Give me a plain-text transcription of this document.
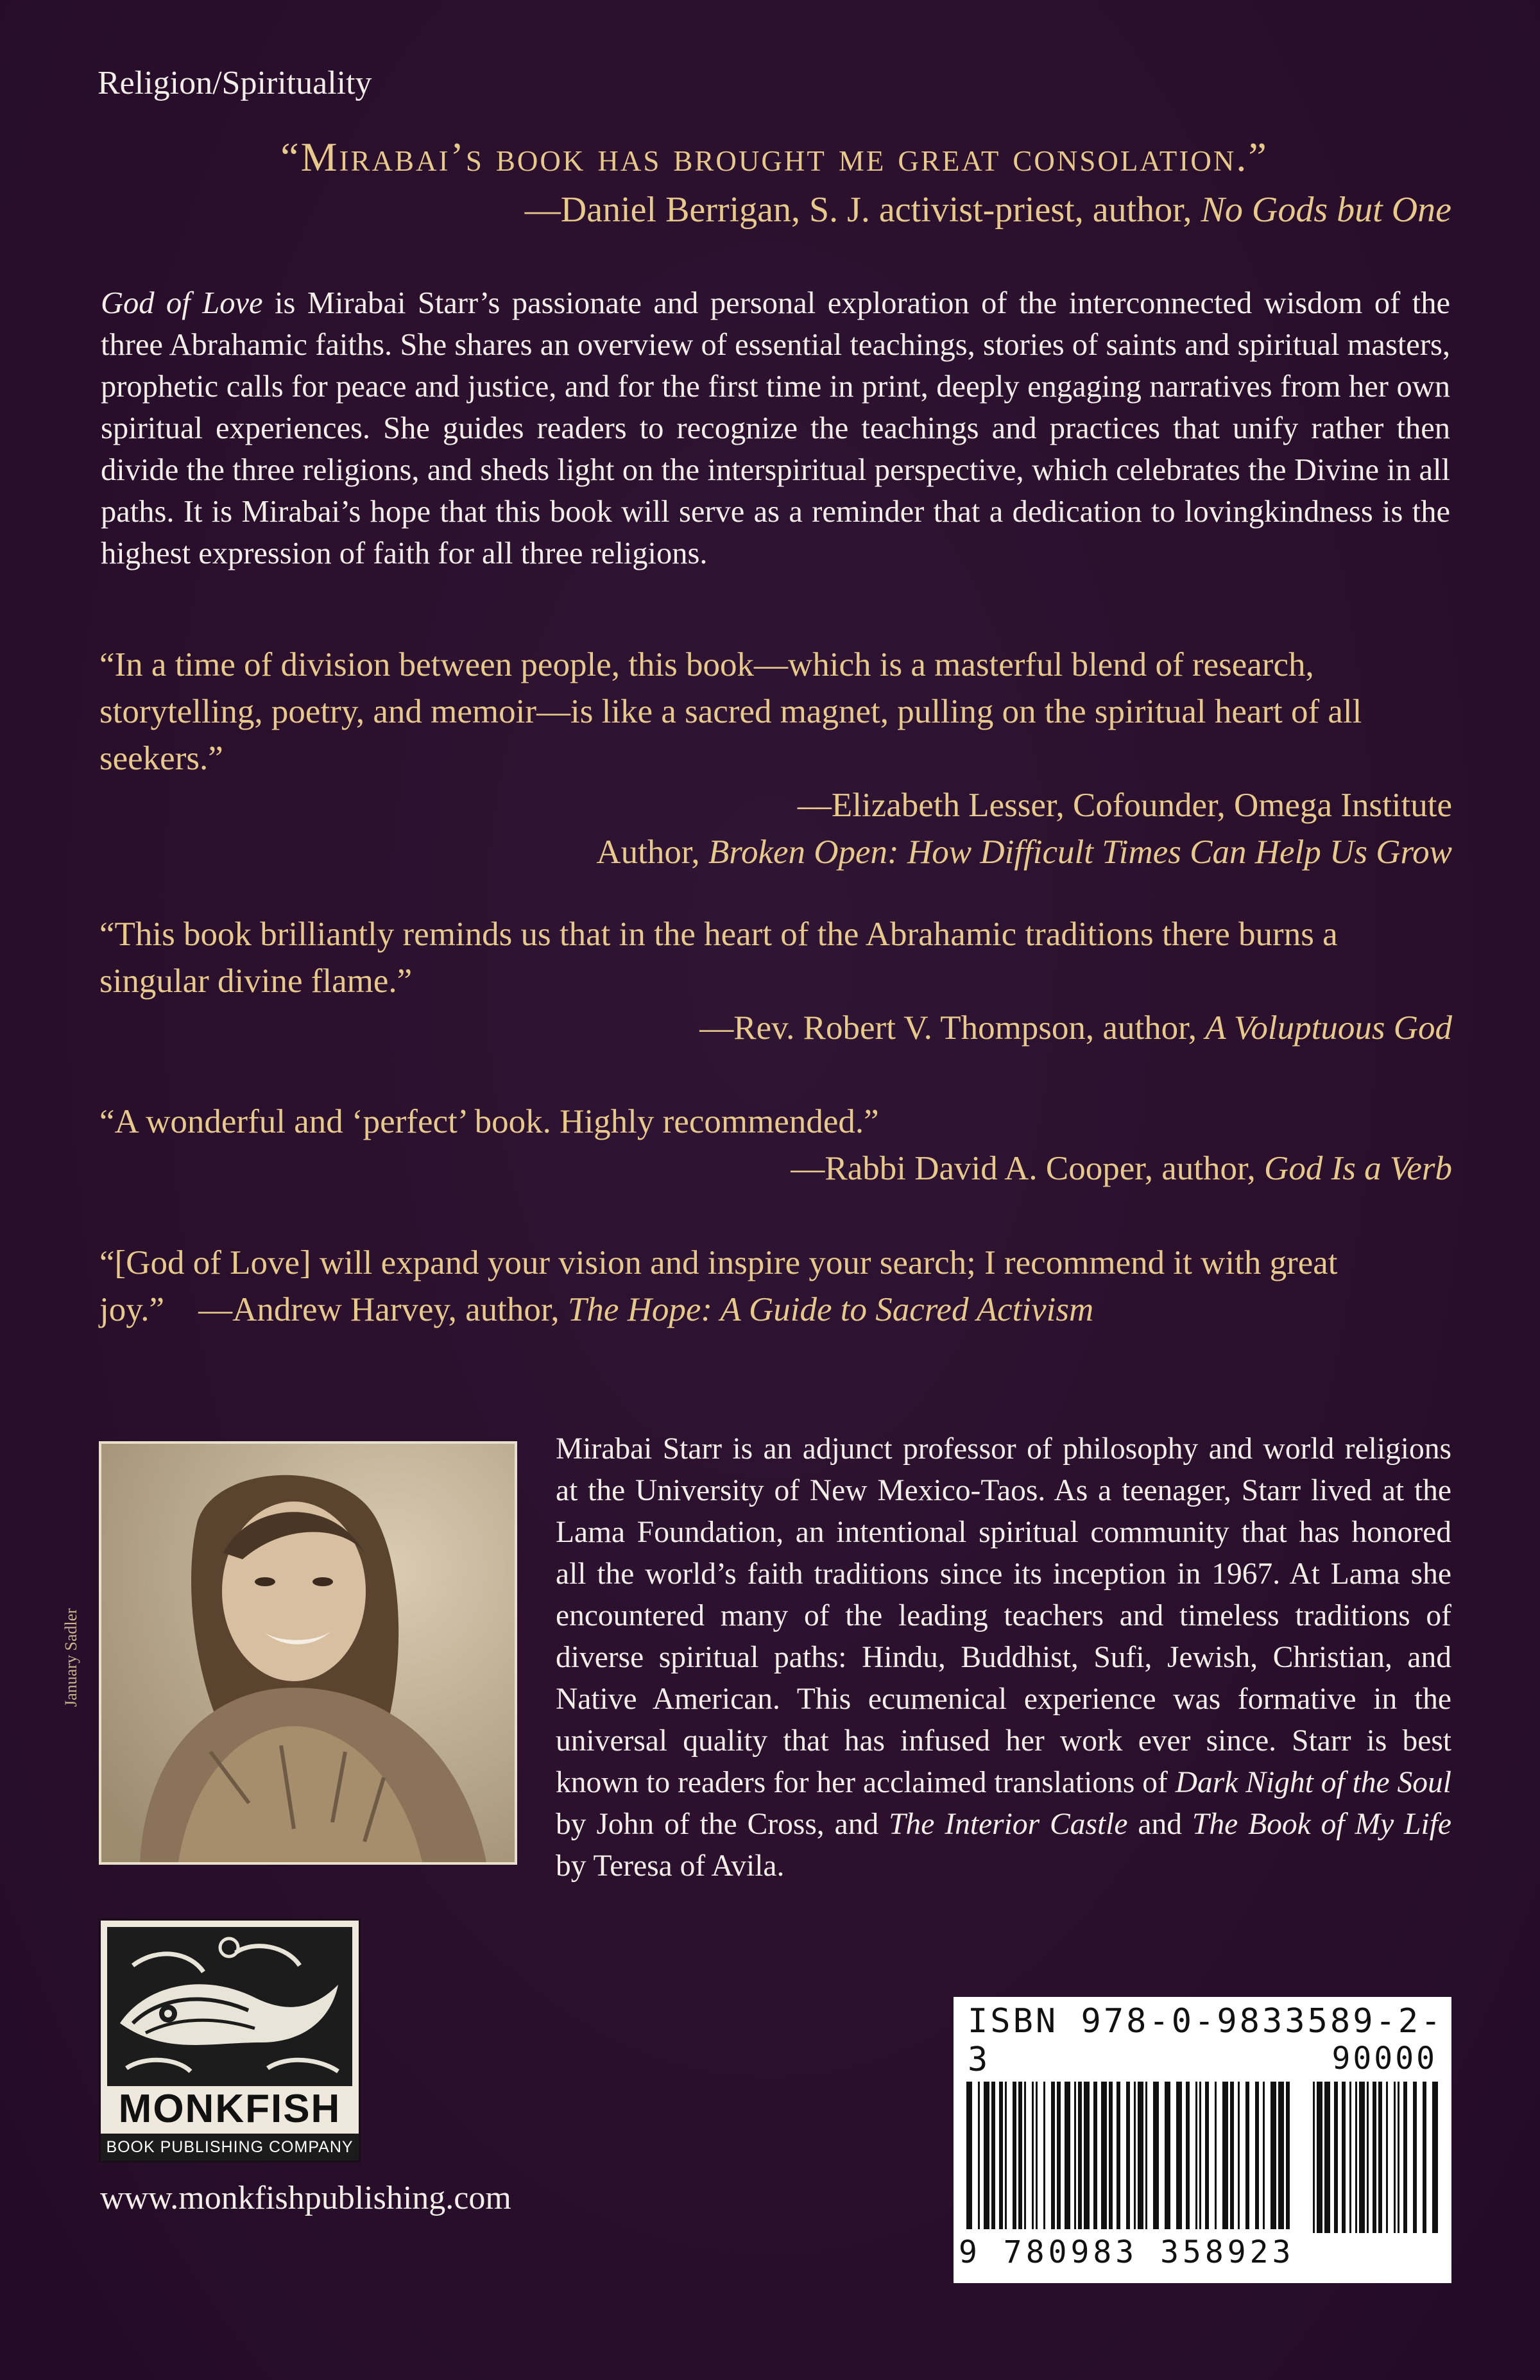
Religion/Spirituality
“Mirabai’s book has brought me great consolation.”
—Daniel Berrigan, S. J. activist-priest, author, No Gods but One
God of Love is Mirabai Starr’s passionate and personal exploration of the interconnected wisdom of the three Abrahamic faiths. She shares an overview of essential teachings, stories of saints and spiritual masters, prophetic calls for peace and justice, and for the first time in print, deeply engaging narratives from her own spiritual experiences. She guides readers to recognize the teachings and practices that unify rather then divide the three religions, and sheds light on the interspiritual perspective, which celebrates the Divine in all paths. It is Mirabai’s hope that this book will serve as a reminder that a dedication to lovingkindness is the highest expression of faith for all three religions.
“In a time of division between people, this book—which is a masterful blend of research, storytelling, poetry, and memoir—is like a sacred magnet, pulling on the spiritual heart of all seekers.”
—Elizabeth Lesser, Cofounder, Omega Institute
Author, Broken Open: How Difficult Times Can Help Us Grow
“This book brilliantly reminds us that in the heart of the Abrahamic traditions there burns a singular divine flame.”
—Rev. Robert V. Thompson, author, A Voluptuous God
“A wonderful and ‘perfect’ book. Highly recommended.”
—Rabbi David A. Cooper, author, God Is a Verb
“[God of Love] will expand your vision and inspire your search; I recommend it with great joy.” —Andrew Harvey, author, The Hope: A Guide to Sacred Activism
January Sadler
Mirabai Starr is an adjunct professor of philosophy and world religions at the University of New Mexico-Taos. As a teenager, Starr lived at the Lama Foundation, an intentional spiritual community that has honored all the world’s faith traditions since its inception in 1967. At Lama she encountered many of the leading teachers and timeless traditions of diverse spiritual paths: Hindu, Buddhist, Sufi, Jewish, Christian, and Native American. This ecumenical experience was formative in the universal quality that has infused her work ever since. Starr is best known to readers for her acclaimed translations of Dark Night of the Soul by John of the Cross, and The Interior Castle and The Book of My Life by Teresa of Avila.
MONKFISH
BOOK PUBLISHING COMPANY
www.monkfishpublishing.com
ISBN 978-0-9833589-2-3	90000
9 780983 358923
